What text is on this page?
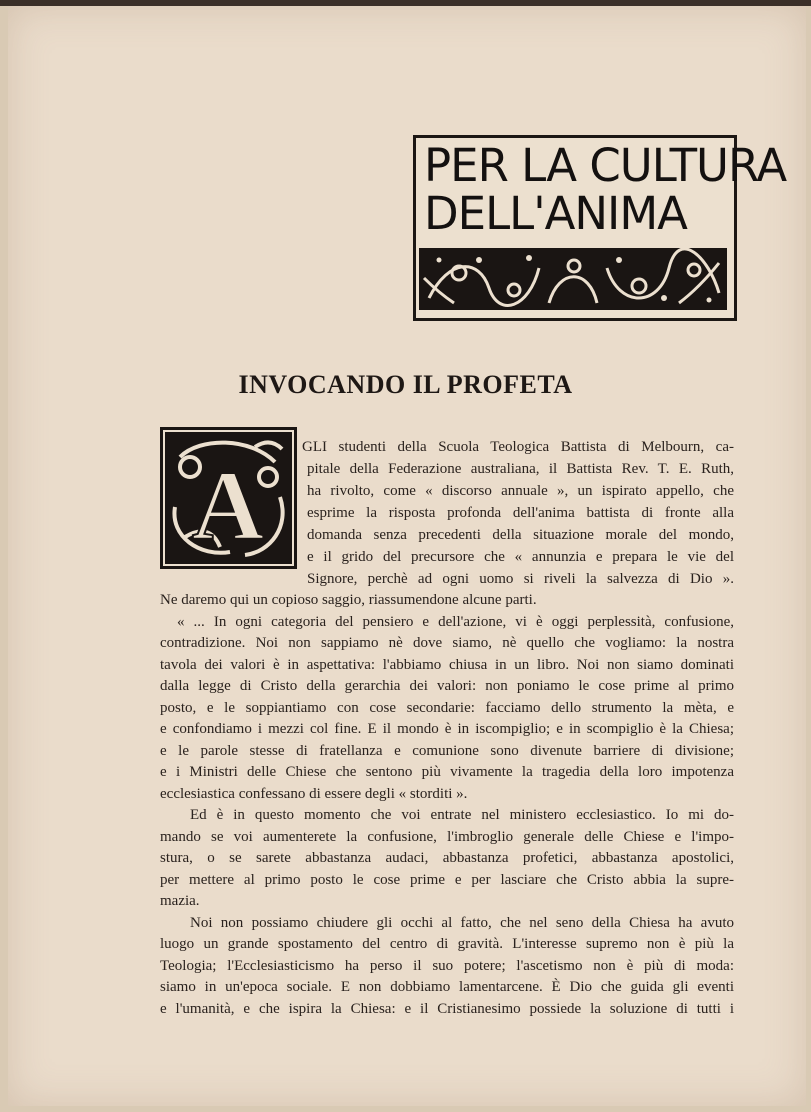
PER LA CULTURA
DELL'ANIMA
INVOCANDO IL PROFETA
A
GLI studenti della Scuola Teologica Battista di Melbourn, ca-
pitale della Federazione australiana, il Battista Rev. T. E. Ruth,
ha rivolto, come « discorso annuale », un ispirato appello, che
esprime la risposta profonda dell'anima battista di fronte alla
domanda senza precedenti della situazione morale del mondo,
e il grido del precursore che « annunzia e prepara le vie del
Signore, perchè ad ogni uomo si riveli la salvezza di Dio ».
Ne daremo qui un copioso saggio, riassumendone alcune parti.
« ... In ogni categoria del pensiero e dell'azione, vi è oggi perplessità, confusione,
contradizione. Noi non sappiamo nè dove siamo, nè quello che vogliamo: la nostra
tavola dei valori è in aspettativa: l'abbiamo chiusa in un libro. Noi non siamo dominati
dalla legge di Cristo della gerarchia dei valori: non poniamo le cose prime al primo
posto, e le soppiantiamo con cose secondarie: facciamo dello strumento la mèta, e
e confondiamo i mezzi col fine. E il mondo è in iscompiglio; e in scompiglio è la Chiesa;
e le parole stesse di fratellanza e comunione sono divenute barriere di divisione;
e i Ministri delle Chiese che sentono più vivamente la tragedia della loro impotenza
ecclesiastica confessano di essere degli « storditi ».
Ed è in questo momento che voi entrate nel ministero ecclesiastico. Io mi do-
mando se voi aumenterete la confusione, l'imbroglio generale delle Chiese e l'impo-
stura, o se sarete abbastanza audaci, abbastanza profetici, abbastanza apostolici,
per mettere al primo posto le cose prime e per lasciare che Cristo abbia la supre-
mazia.
Noi non possiamo chiudere gli occhi al fatto, che nel seno della Chiesa ha avuto
luogo un grande spostamento del centro di gravità. L'interesse supremo non è più la
Teologia; l'Ecclesiasticismo ha perso il suo potere; l'ascetismo non è più di moda:
siamo in un'epoca sociale. E non dobbiamo lamentarcene. È Dio che guida gli eventi
e l'umanità, e che ispira la Chiesa: e il Cristianesimo possiede la soluzione di tutti i
